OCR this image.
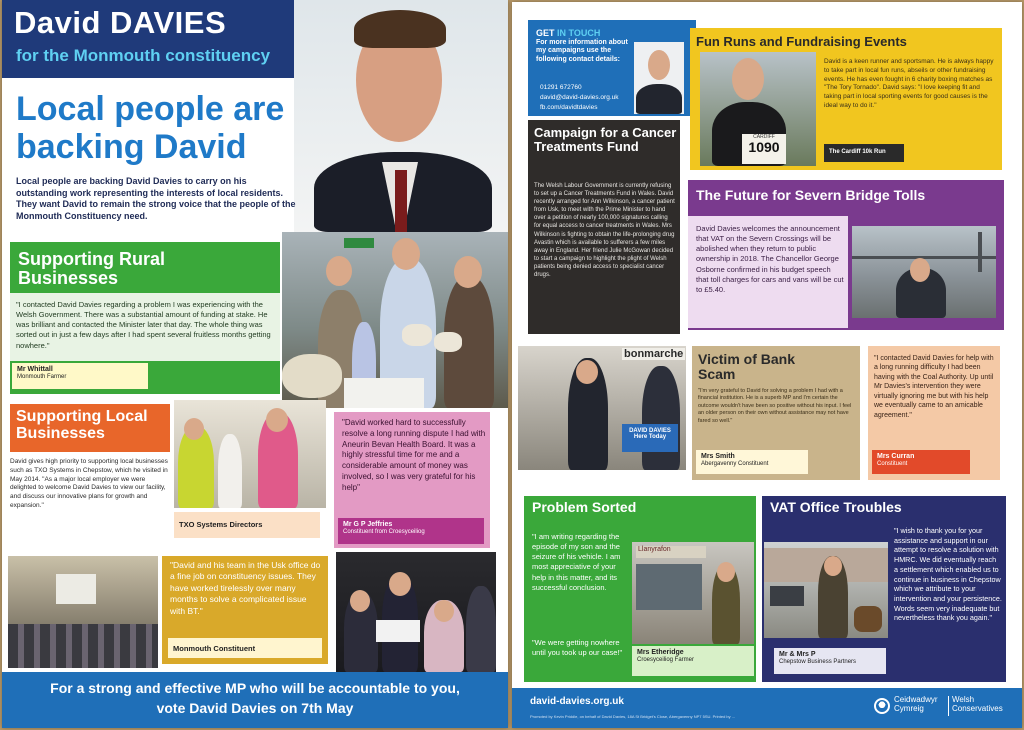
David DAVIES
for the Monmouth constituency
Local people are backing David
Local people are backing David Davies to carry on his outstanding work representing the interests of local residents. They want David to remain the strong voice that the people of the Monmouth Constituency need.
Supporting Rural Businesses
"I contacted David Davies regarding a problem I was experiencing with the Welsh Government. There was a substantial amount of funding at stake. He was brilliant and contacted the Minister later that day. The whole thing was sorted out in just a few days after I had spent several fruitless months getting nowhere."
Mr Whittall
Monmouth Farmer
Supporting Local Businesses
David gives high priority to supporting local businesses such as TXO Systems in Chepstow, which he visited in May 2014. "As a major local employer we were delighted to welcome David Davies to view our facility, and discuss our innovative plans for growth and expansion."
TXO Systems Directors
"David worked hard to successfully resolve a long running dispute I had with Aneurin Bevan Health Board. It was a highly stressful time for me and a considerable amount of money was involved, so I was very grateful for his help"
Mr G P Jeffries
Constituent from Croesyceiliog
"David and his team in the Usk office do a fine job on constituency issues. They have worked tirelessly over many months to solve a complicated issue with BT."
Monmouth Constituent
For a strong and effective MP who will be accountable to you,
vote David Davies on 7th May
GET IN TOUCH
For more information about my campaigns use the following contact details:
01291 672760
david@david-davies.org.uk
fb.com/davidtdavies
Fun Runs and Fundraising Events
CARDIFF
1090
David is a keen runner and sportsman. He is always happy to take part in local fun runs, abseils or other fundraising events. He has even fought in 6 charity boxing matches as "The Tory Tornado". David says: "I love keeping fit and taking part in local sporting events for good causes is the ideal way to do it."
The Cardiff 10k Run
Campaign for a Cancer Treatments Fund
The Welsh Labour Government is currently refusing to set up a Cancer Treatments Fund in Wales. David recently arranged for Ann Wilkinson, a cancer patient from Usk, to meet with the Prime Minister to hand over a petition of nearly 100,000 signatures calling for equal access to cancer treatments in Wales. Mrs Wilkinson is fighting to obtain the life-prolonging drug Avastin which is available to sufferers a few miles away in England. Her friend Julie McGowan decided to start a campaign to highlight the plight of Welsh patients being denied access to specialist cancer drugs.
The Future for Severn Bridge Tolls
David Davies welcomes the announcement that VAT on the Severn Crossings will be abolished when they return to public ownership in 2018. The Chancellor George Osborne confirmed in his budget speech that toll charges for cars and vans will be cut to £5.40.
bonmarche
DAVID DAVIES
Here Today
Victim of Bank Scam
"I'm very grateful to David for solving a problem I had with a financial institution. He is a superb MP and I'm certain the outcome wouldn't have been so positive without his input. I feel an older person on their own without assistance may not have fared so well."
Mrs Smith
Abergavenny Constituent
"I contacted David Davies for help with a long running difficulty I had been having with the Coal Authority. Up until Mr Davies's intervention they were virtually ignoring me but with his help we eventually came to an amicable agreement."
Mrs Curran
Constituent
Problem Sorted
"I am writing regarding the episode of my son and the seizure of his vehicle. I am most appreciative of your help in this matter, and its successful conclusion.
"We were getting nowhere until you took up our case!"
Llanyrafon
Mrs Etheridge
Croesyceiliog Farmer
VAT Office Troubles
Mr & Mrs P
Chepstow Business Partners
"I wish to thank you for your assistance and support in our attempt to resolve a solution with HMRC. We did eventually reach a settlement which enabled us to continue in business in Chepstow which we attribute to your intervention and your persistence. Words seem very inadequate but nevertheless thank you again."
david-davies.org.uk
Promoted by Kevin Priddle, on behalf of David Davies, 18A St Bridget's Close, Abergavenny NP7 5SU. Printed by ...
Ceidwadwyr
Cymreig
Welsh
Conservatives
